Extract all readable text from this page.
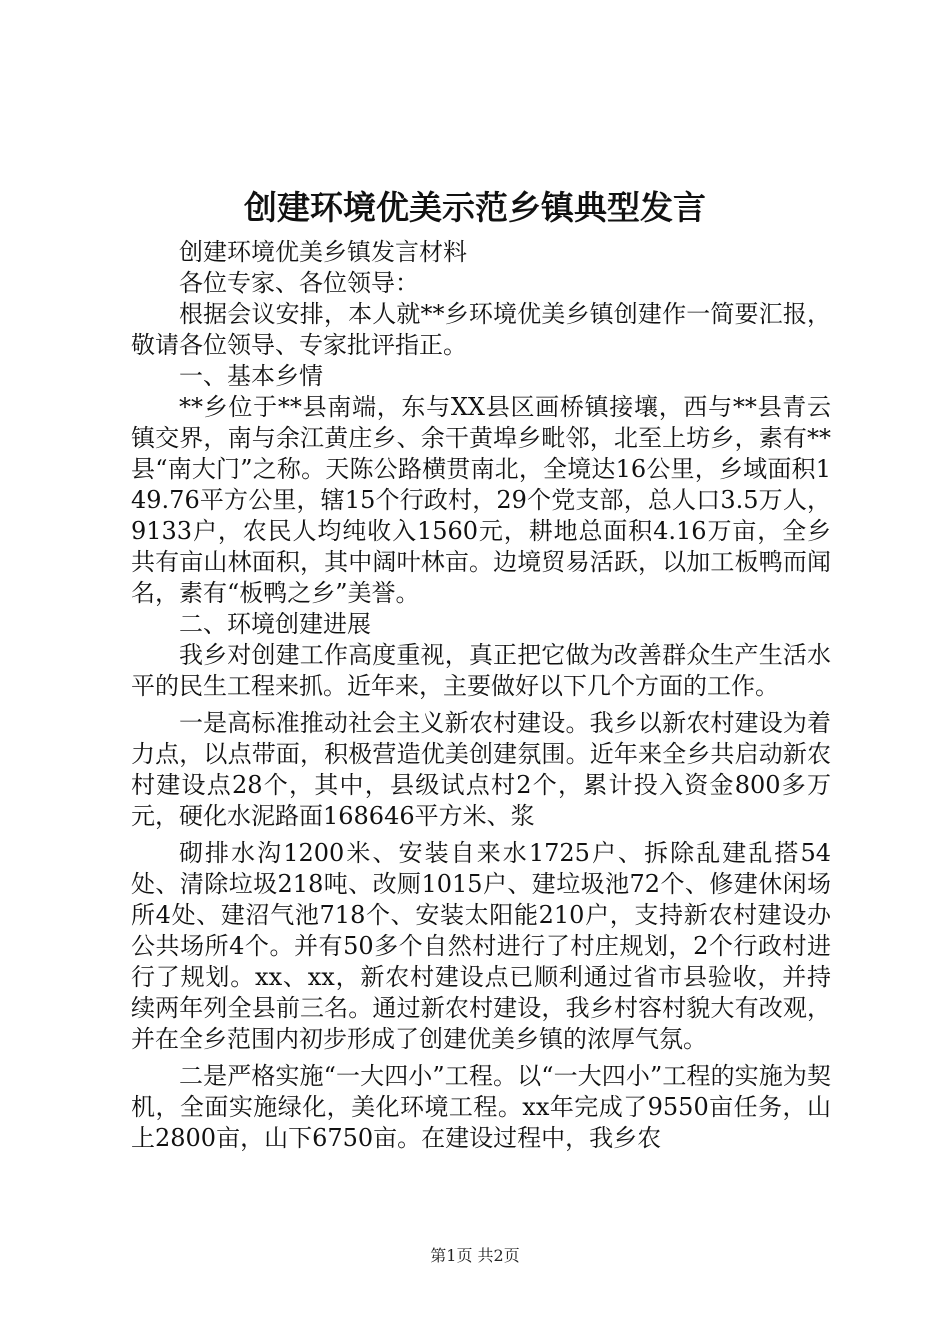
创建环境优美示范乡镇典型发言

创建环境优美乡镇发言材料

各位专家、各位领导：

根据会议安排，本人就**乡环境优美乡镇创建作一简要汇报，敬请各位领导、专家批评指正。

一、基本乡情

**乡位于**县南端，东与XX县区画桥镇接壤，西与**县青云镇交界，南与余江黄庄乡、余干黄埠乡毗邻，北至上坊乡，素有**县“南大门”之称。天陈公路横贯南北，全境达16公里，乡域面积149.76平方公里，辖15个行政村，29个党支部，总人口3.5万人，9133户，农民人均纯收入1560元，耕地总面积4.16万亩，全乡共有亩山林面积，其中阔叶林亩。边境贸易活跃，以加工板鸭而闻名，素有“板鸭之乡”美誉。

二、环境创建进展

我乡对创建工作高度重视，真正把它做为改善群众生产生活水平的民生工程来抓。近年来，主要做好以下几个方面的工作。

一是高标准推动社会主义新农村建设。我乡以新农村建设为着力点，以点带面，积极营造优美创建氛围。近年来全乡共启动新农村建设点28个，其中，县级试点村2个，累计投入资金800多万元，硬化水泥路面168646平方米、浆

砌排水沟1200米、安装自来水1725户、拆除乱建乱搭54处、清除垃圾218吨、改厕1015户、建垃圾池72个、修建休闲场所4处、建沼气池718个、安装太阳能210户，支持新农村建设办公共场所4个。并有50多个自然村进行了村庄规划，2个行政村进行了规划。xx、xx，新农村建设点已顺利通过省市县验收，并持续两年列全县前三名。通过新农村建设，我乡村容村貌大有改观，并在全乡范围内初步形成了创建优美乡镇的浓厚气氛。

二是严格实施“一大四小”工程。以“一大四小”工程的实施为契机，全面实施绿化，美化环境工程。xx年完成了9550亩任务，山上2800亩，山下6750亩。在建设过程中，我乡农

第1页 共2页
